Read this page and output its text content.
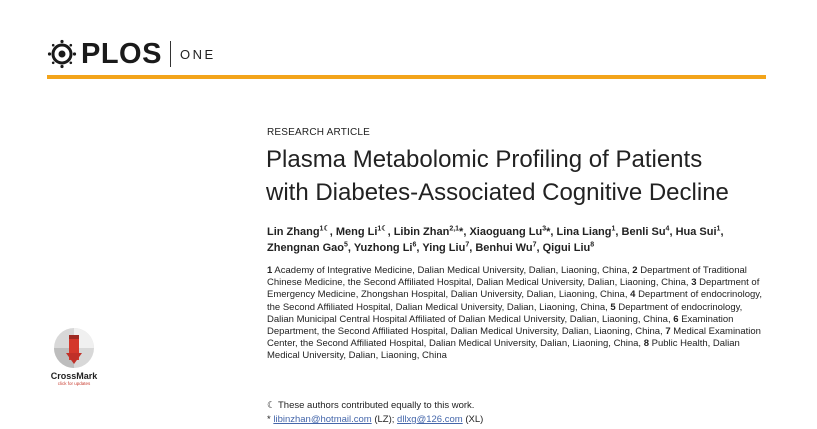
PLOS ONE
RESEARCH ARTICLE
Plasma Metabolomic Profiling of Patients
with Diabetes-Associated Cognitive Decline
Lin Zhang$^{1☾}$, Meng $Li^{1☾}$, Libin Zhan$^{2,1}$*, Xiaoguang Lu$^3$*, Lina Liang$^1$, Benli Su$^4$, Hua Sui$^1$,
Zhengnan Gao$^5$, Yuzhong Li$^6$, Ying Liu$^7$, Benhui Wu$^7$, Qigui Liu$^8$
1 Academy of Integrative Medicine, Dalian Medical University, Dalian, Liaoning, China, 2 Department of Traditional Chinese Medicine, the Second Affiliated Hospital, Dalian Medical University, Dalian, Liaoning, China, 3 Department of Emergency Medicine, Zhongshan Hospital, Dalian University, Dalian, Liaoning, China, 4 Department of endocrinology, the Second Affiliated Hospital, Dalian Medical University, Dalian, Liaoning, China, 5 Department of endocrinology, Dalian Municipal Central Hospital Affiliated of Dalian Medical University, Dalian, Liaoning, China, 6 Examination Department, the Second Affiliated Hospital, Dalian Medical University, Dalian, Liaoning, China, 7 Medical Examination Center, the Second Affiliated Hospital, Dalian Medical University, Dalian, Liaoning, China, 8 Public Health, Dalian Medical University, Dalian, Liaoning, China
☾ These authors contributed equally to this work.
* libinzhan@hotmail.com (LZ); dllxg@126.com (XL)
CrossMark
click for updates
